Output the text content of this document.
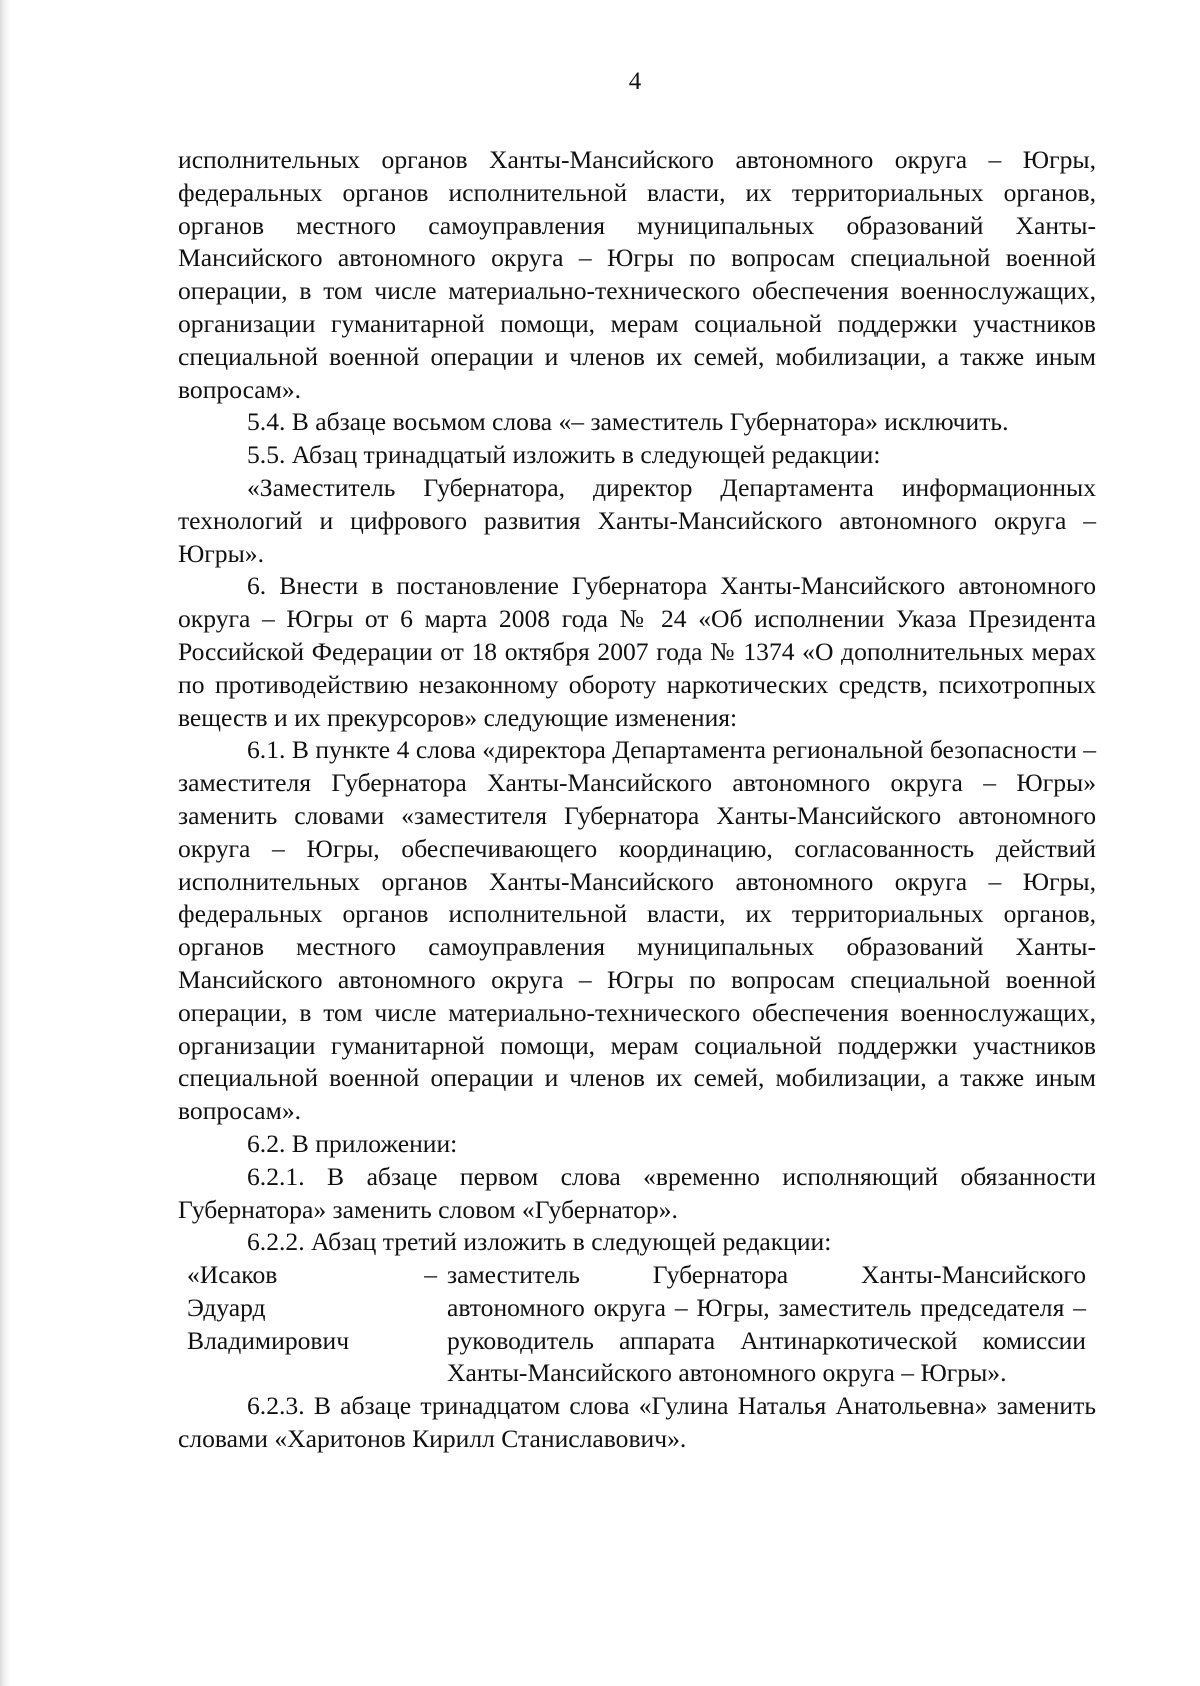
4

исполнительных органов Ханты-Мансийского автономного округа – Югры, федеральных органов исполнительной власти, их территориальных органов, органов местного самоуправления муниципальных образований Ханты-Мансийского автономного округа – Югры по вопросам специальной военной операции, в том числе материально-технического обеспечения военнослужащих, организации гуманитарной помощи, мерам социальной поддержки участников специальной военной операции и членов их семей, мобилизации, а также иным вопросам».

5.4. В абзаце восьмом слова «– заместитель Губернатора» исключить.

5.5. Абзац тринадцатый изложить в следующей редакции:

«Заместитель Губернатора, директор Департамента информационных технологий и цифрового развития Ханты-Мансийского автономного округа – Югры».

6. Внести в постановление Губернатора Ханты-Мансийского автономного округа – Югры от 6 марта 2008 года № 24 «Об исполнении Указа Президента Российской Федерации от 18 октября 2007 года № 1374 «О дополнительных мерах по противодействию незаконному обороту наркотических средств, психотропных веществ и их прекурсоров» следующие изменения:

6.1. В пункте 4 слова «директора Департамента региональной безопасности – заместителя Губернатора Ханты-Мансийского автономного округа – Югры» заменить словами «заместителя Губернатора Ханты-Мансийского автономного округа – Югры, обеспечивающего координацию, согласованность действий исполнительных органов Ханты-Мансийского автономного округа – Югры, федеральных органов исполнительной власти, их территориальных органов, органов местного самоуправления муниципальных образований Ханты-Мансийского автономного округа – Югры по вопросам специальной военной операции, в том числе материально-технического обеспечения военнослужащих, организации гуманитарной помощи, мерам социальной поддержки участников специальной военной операции и членов их семей, мобилизации, а также иным вопросам».

6.2. В приложении:

6.2.1. В абзаце первом слова «временно исполняющий обязанности Губернатора» заменить словом «Губернатор».

6.2.2. Абзац третий изложить в следующей редакции:

«Исаков
Эдуард
Владимирович
	–	заместитель Губернатора Ханты-Мансийского автономного округа – Югры, заместитель председателя – руководитель аппарата Антинаркотической комиссии Ханты-Мансийского автономного округа – Югры».

6.2.3. В абзаце тринадцатом слова «Гулина Наталья Анатольевна» заменить словами «Харитонов Кирилл Станиславович».
